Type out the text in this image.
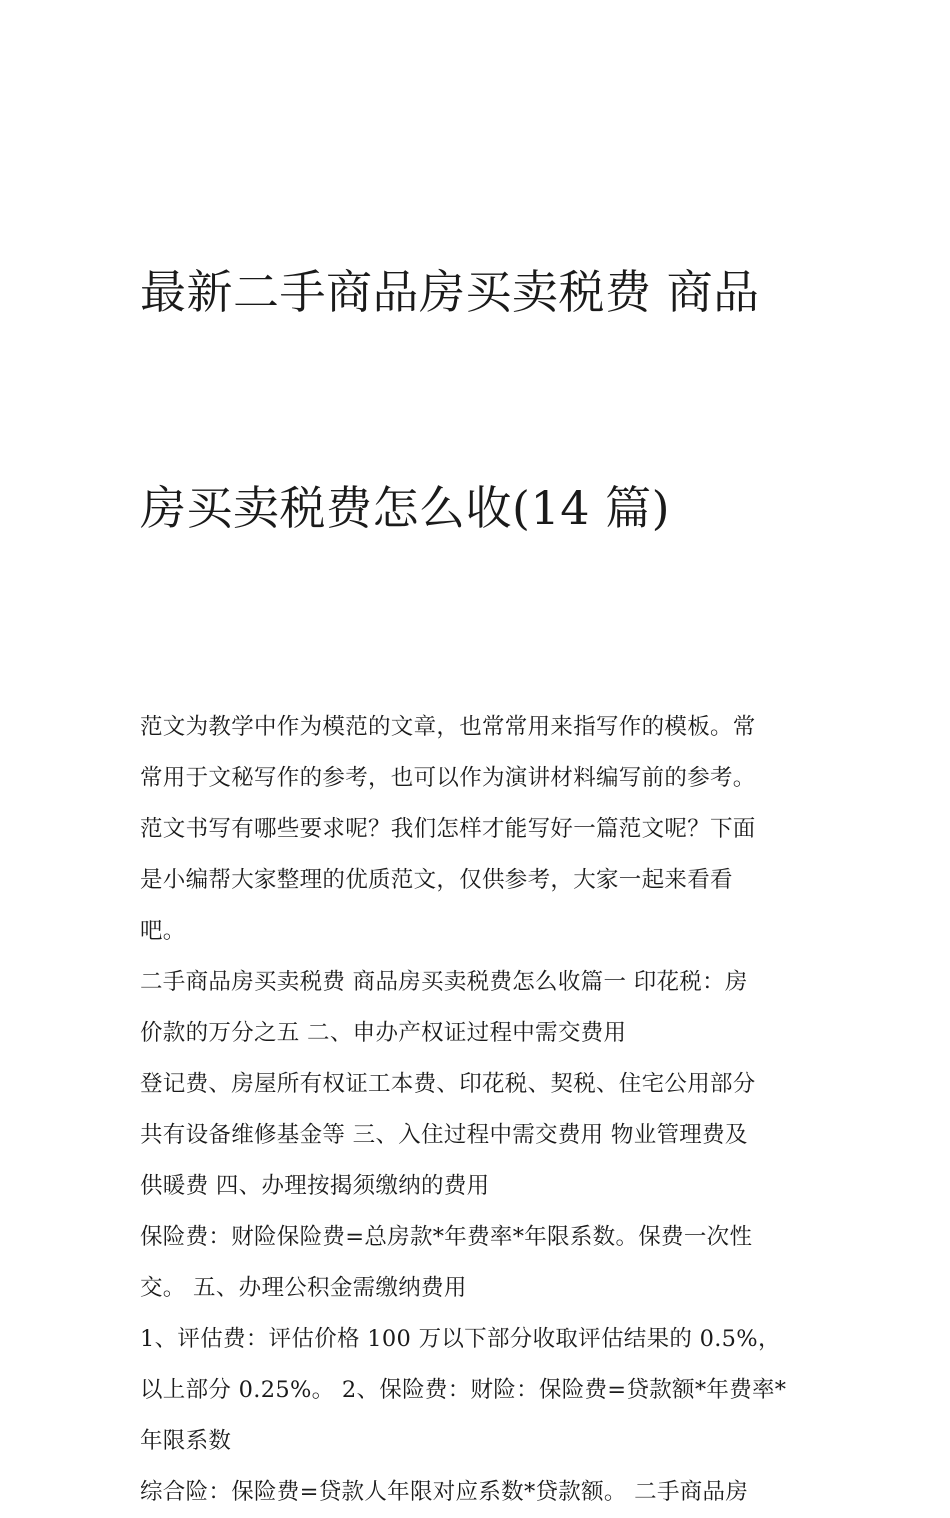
最新二手商品房买卖税费 商品

房买卖税费怎么收(14 篇)

范文为教学中作为模范的文章，也常常用来指写作的模板。常
常用于文秘写作的参考，也可以作为演讲材料编写前的参考。
范文书写有哪些要求呢？我们怎样才能写好一篇范文呢？下面
是小编帮大家整理的优质范文，仅供参考，大家一起来看看
吧。

二手商品房买卖税费 商品房买卖税费怎么收篇一 印花税：房
价款的万分之五 二、申办产权证过程中需交费用

登记费、房屋所有权证工本费、印花税、契税、住宅公用部分
共有设备维修基金等 三、入住过程中需交费用 物业管理费及
供暖费 四、办理按揭须缴纳的费用

保险费：财险保险费=总房款*年费率*年限系数。保费一次性
交。 五、办理公积金需缴纳费用

1、评估费：评估价格 100 万以下部分收取评估结果的 0.5%，
以上部分 0.25%。 2、保险费：财险：保险费=贷款额*年费率*
年限系数

综合险：保险费=贷款人年限对应系数*贷款额。 二手商品房
